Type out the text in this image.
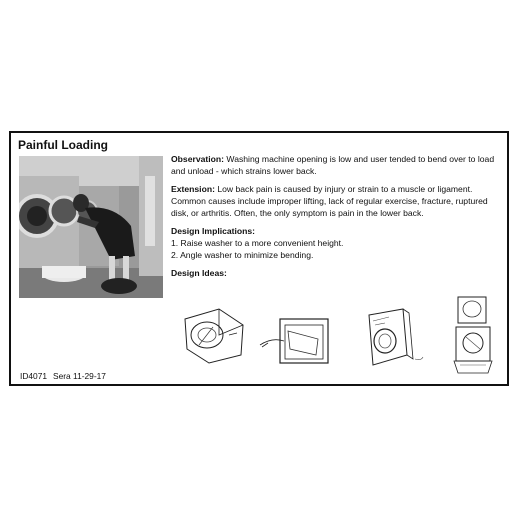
Painful Loading

Observation: Washing machine opening is low and user tended to bend over to load and unload - which strains lower back.

Extension: Low back pain is caused by injury or strain to a muscle or ligament. Common causes include improper lifting, lack of regular exercise, fracture, ruptured disk, or arthritis. Often, the only symptom is pain in the lower back.

Design Implications:
1. Raise washer to a more convenient height.
2. Angle washer to minimize bending.

Design Ideas:

ID4071 Sera 11-29-17
